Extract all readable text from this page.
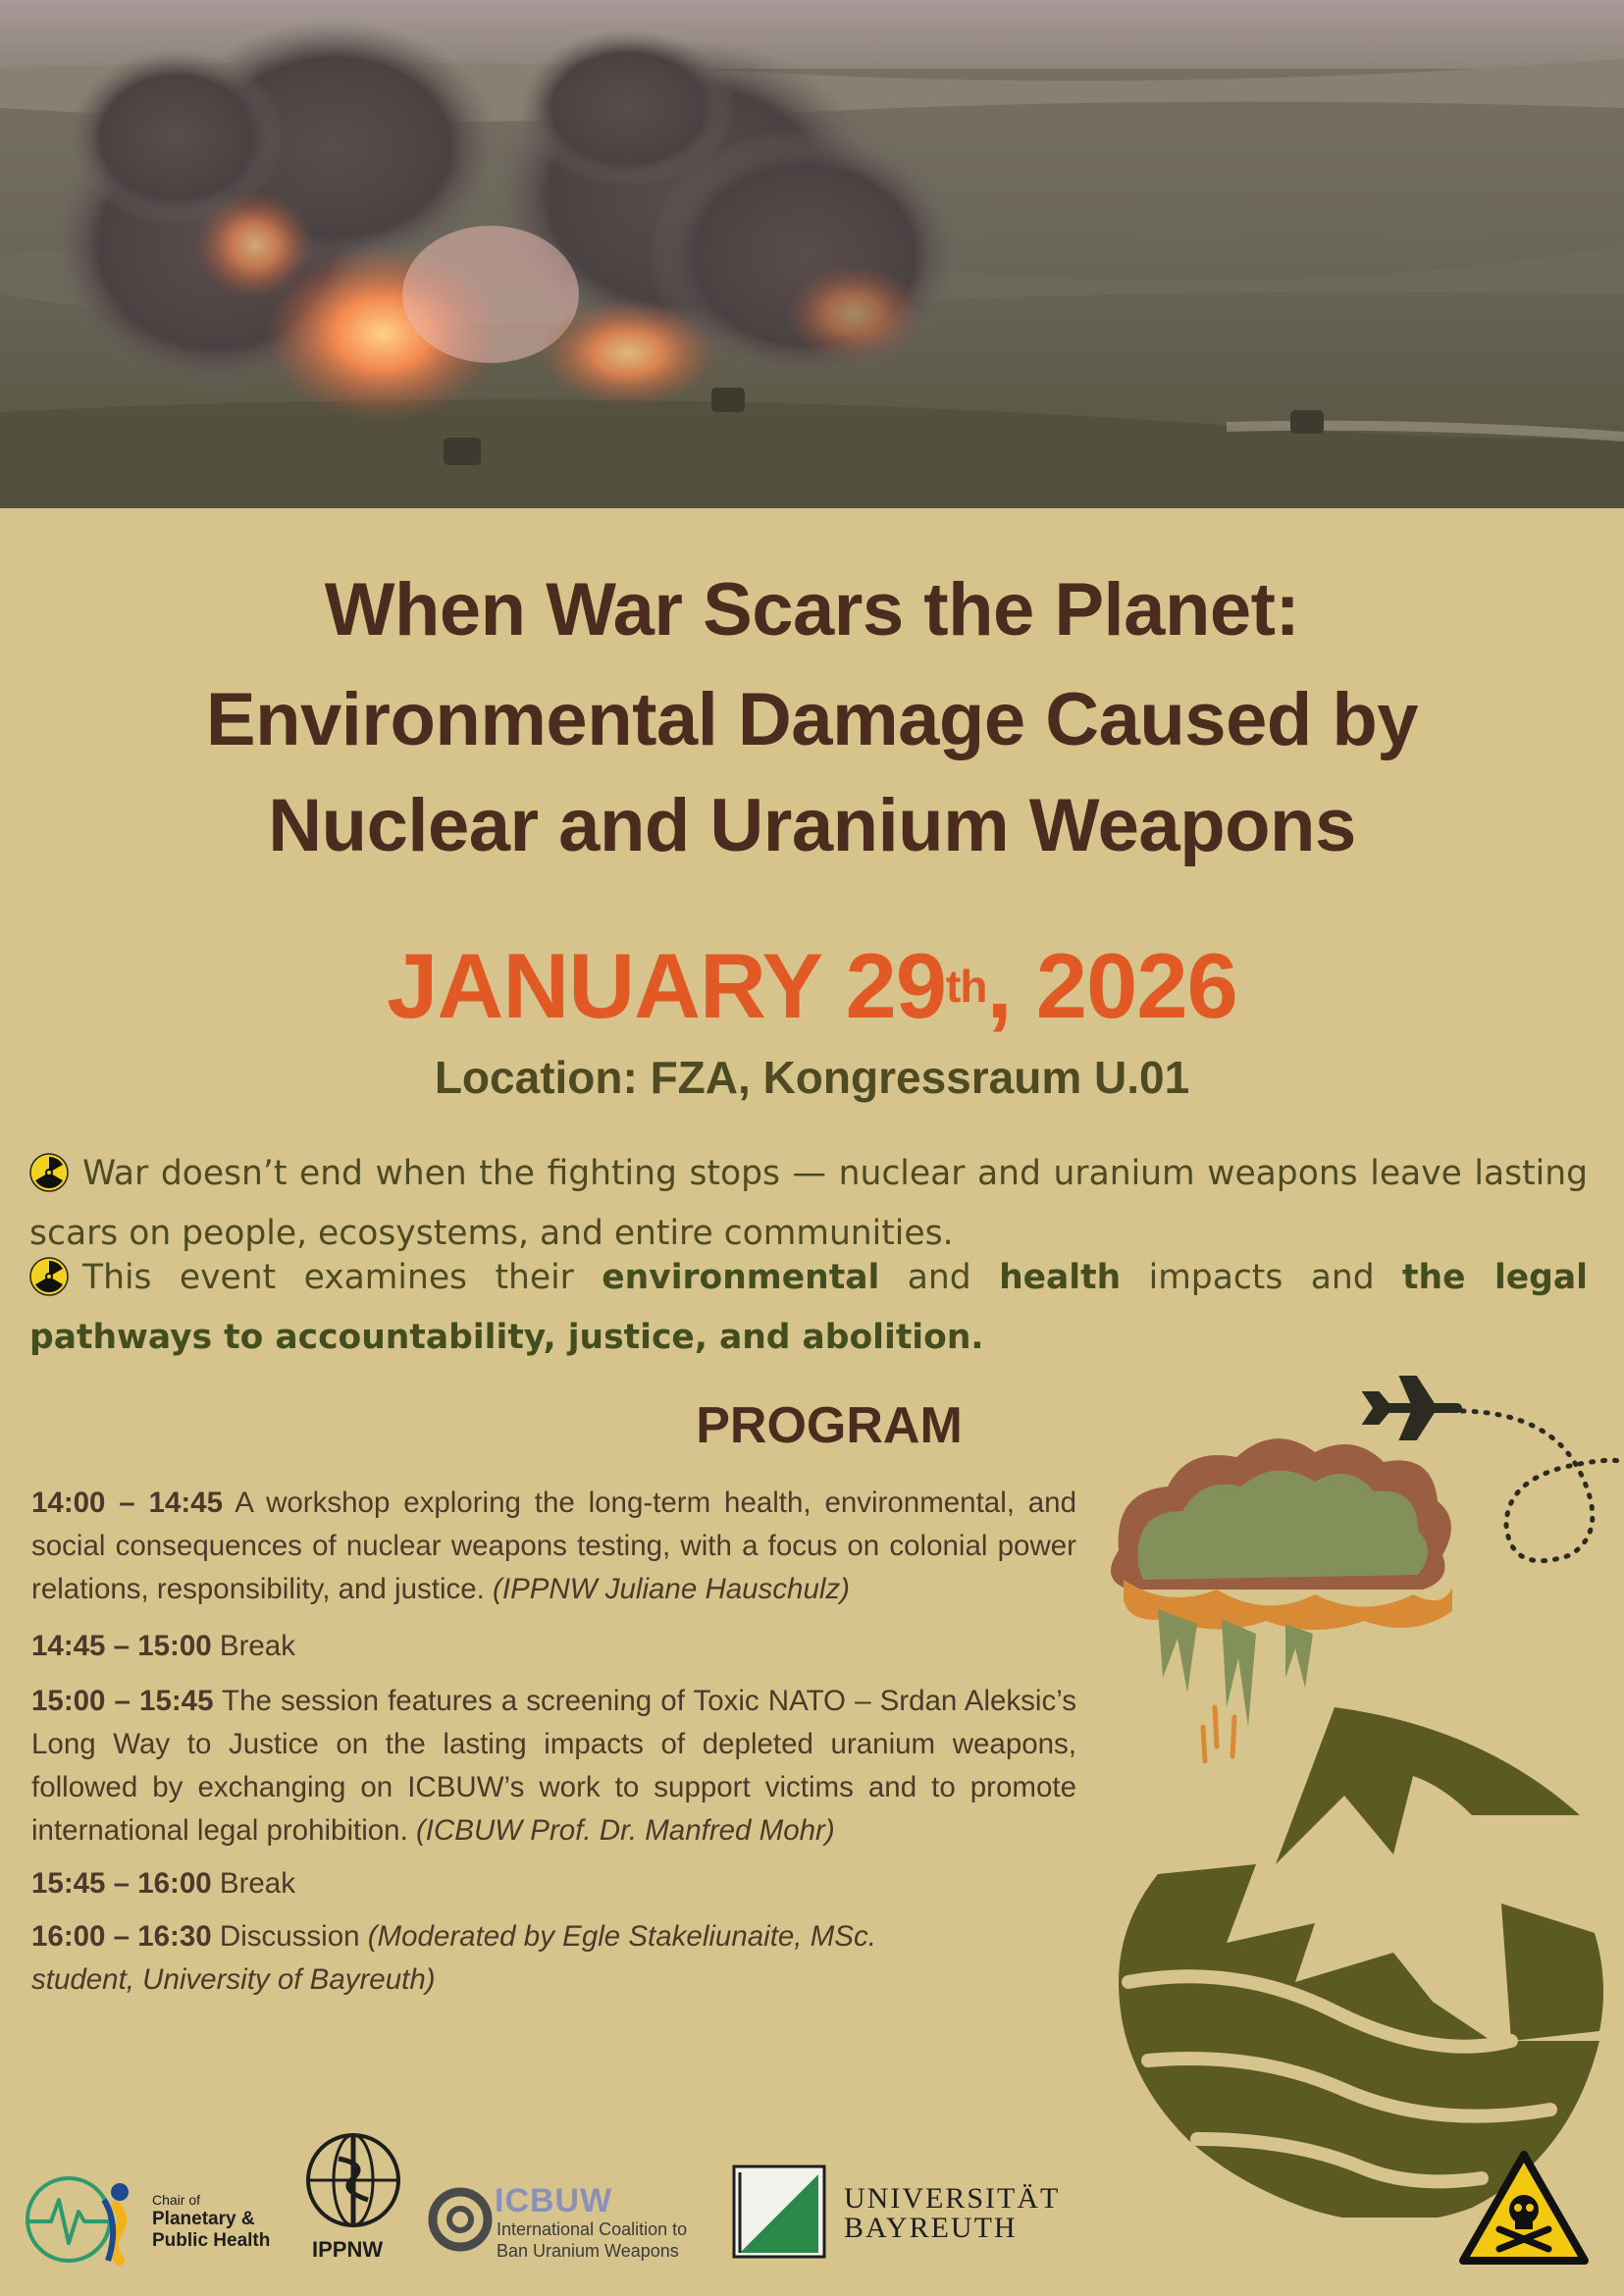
When War Scars the Planet:
Environmental Damage Caused by
Nuclear and Uranium Weapons
JANUARY 29th, 2026
Location: FZA, Kongressraum U.01
War doesn’t end when the fighting stops — nuclear and uranium weapons leave lasting scars on people, ecosystems, and entire communities.
This event examines their environmental and health impacts and the legal pathways to accountability, justice, and abolition.
PROGRAM
14:00 – 14:45 A workshop exploring the long-term health, environmental, and social consequences of nuclear weapons testing, with a focus on colonial power relations, responsibility, and justice. (IPPNW Juliane Hauschulz)
14:45 – 15:00 Break
15:00 – 15:45 The session features a screening of Toxic NATO – Srdan Aleksic’s Long Way to Justice on the lasting impacts of depleted uranium weapons, followed by exchanging on ICBUW’s work to support victims and to promote international legal prohibition. (ICBUW Prof. Dr. Manfred Mohr)
15:45 – 16:00 Break
16:00 – 16:30 Discussion (Moderated by Egle Stakeliunaite, MSc. student, University of Bayreuth)
Chair of
Planetary &
Public Health IPPNW
ICBUW
International Coalition to
Ban Uranium Weapons
UNIVERSITÄT
BAYREUTH
